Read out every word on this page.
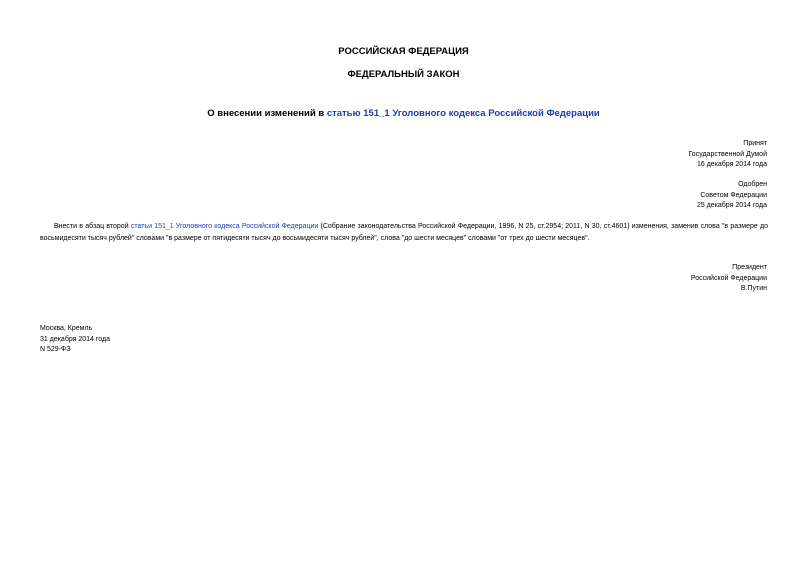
РОССИЙСКАЯ ФЕДЕРАЦИЯ
ФЕДЕРАЛЬНЫЙ ЗАКОН
О внесении изменений в статью 151_1 Уголовного кодекса Российской Федерации
Принят
Государственной Думой
16 декабря 2014 года
Одобрен
Советом Федерации
25 декабря 2014 года
Внести в абзац второй статьи 151_1 Уголовного кодекса Российской Федерации (Собрание законодательства Российской Федерации, 1996, N 25, ст.2954; 2011, N 30, ст.4601) изменения, заменив слова "в размере до восьмидесяти тысяч рублей" словами "в размере от пятидесяти тысяч до восьмидесяти тысяч рублей", слова "до шести месяцев" словами "от трех до шести месяцев".
Президент
Российской Федерации
В.Путин
Москва, Кремль
31 декабря 2014 года
N 529-ФЗ
